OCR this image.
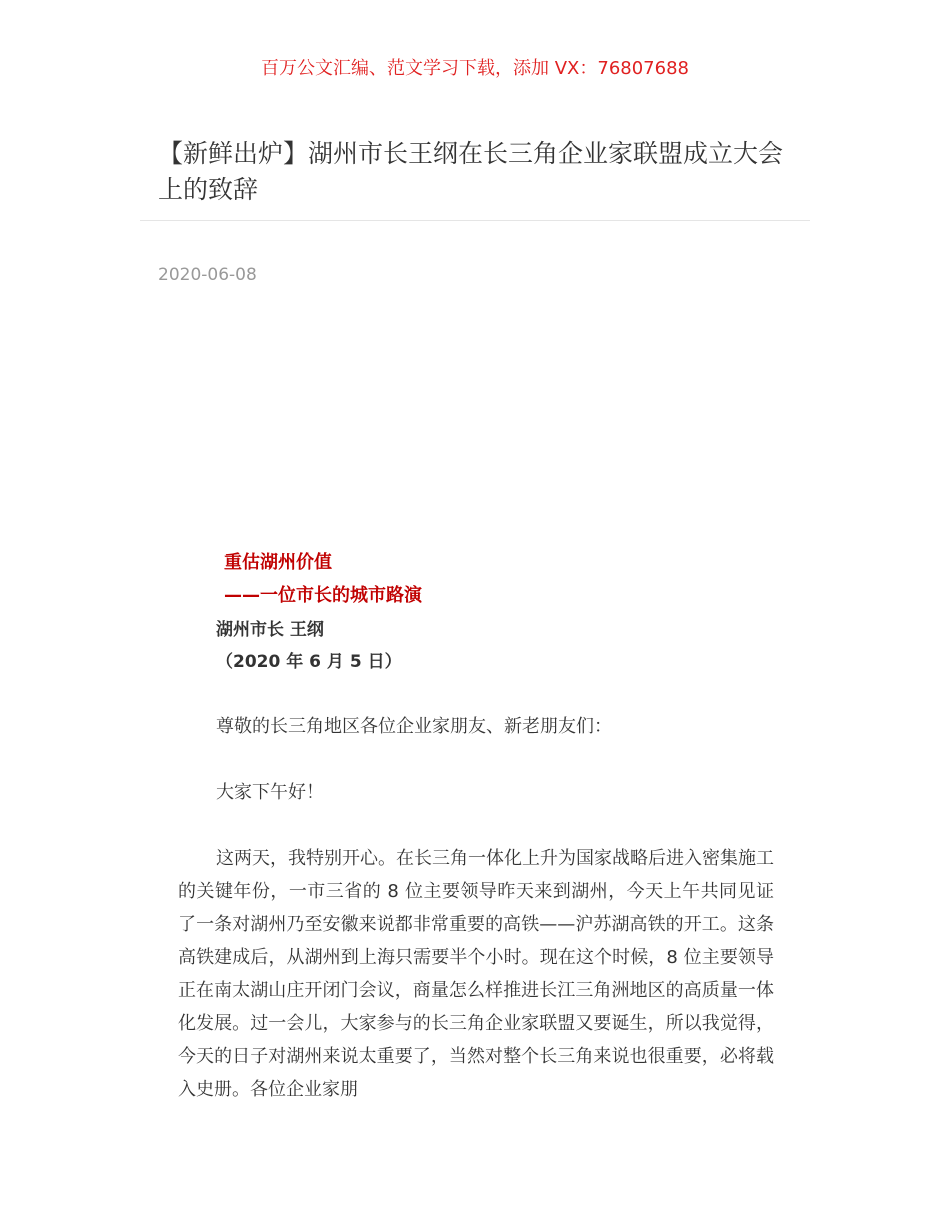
百万公文汇编、范文学习下载，添加 VX：76807688
【新鲜出炉】湖州市长王纲在长三角企业家联盟成立大会上的致辞
2020-06-08
重估湖州价值
——一位市长的城市路演
湖州市长 王纲
（2020 年 6 月 5 日）

尊敬的长三角地区各位企业家朋友、新老朋友们：

大家下午好！

这两天，我特别开心。在长三角一体化上升为国家战略后进入密集施工的关键年份，一市三省的 8 位主要领导昨天来到湖州，今天上午共同见证了一条对湖州乃至安徽来说都非常重要的高铁——沪苏湖高铁的开工。这条高铁建成后，从湖州到上海只需要半个小时。现在这个时候，8 位主要领导正在南太湖山庄开闭门会议，商量怎么样推进长江三角洲地区的高质量一体化发展。过一会儿，大家参与的长三角企业家联盟又要诞生，所以我觉得，今天的日子对湖州来说太重要了，当然对整个长三角来说也很重要，必将载入史册。各位企业家朋
